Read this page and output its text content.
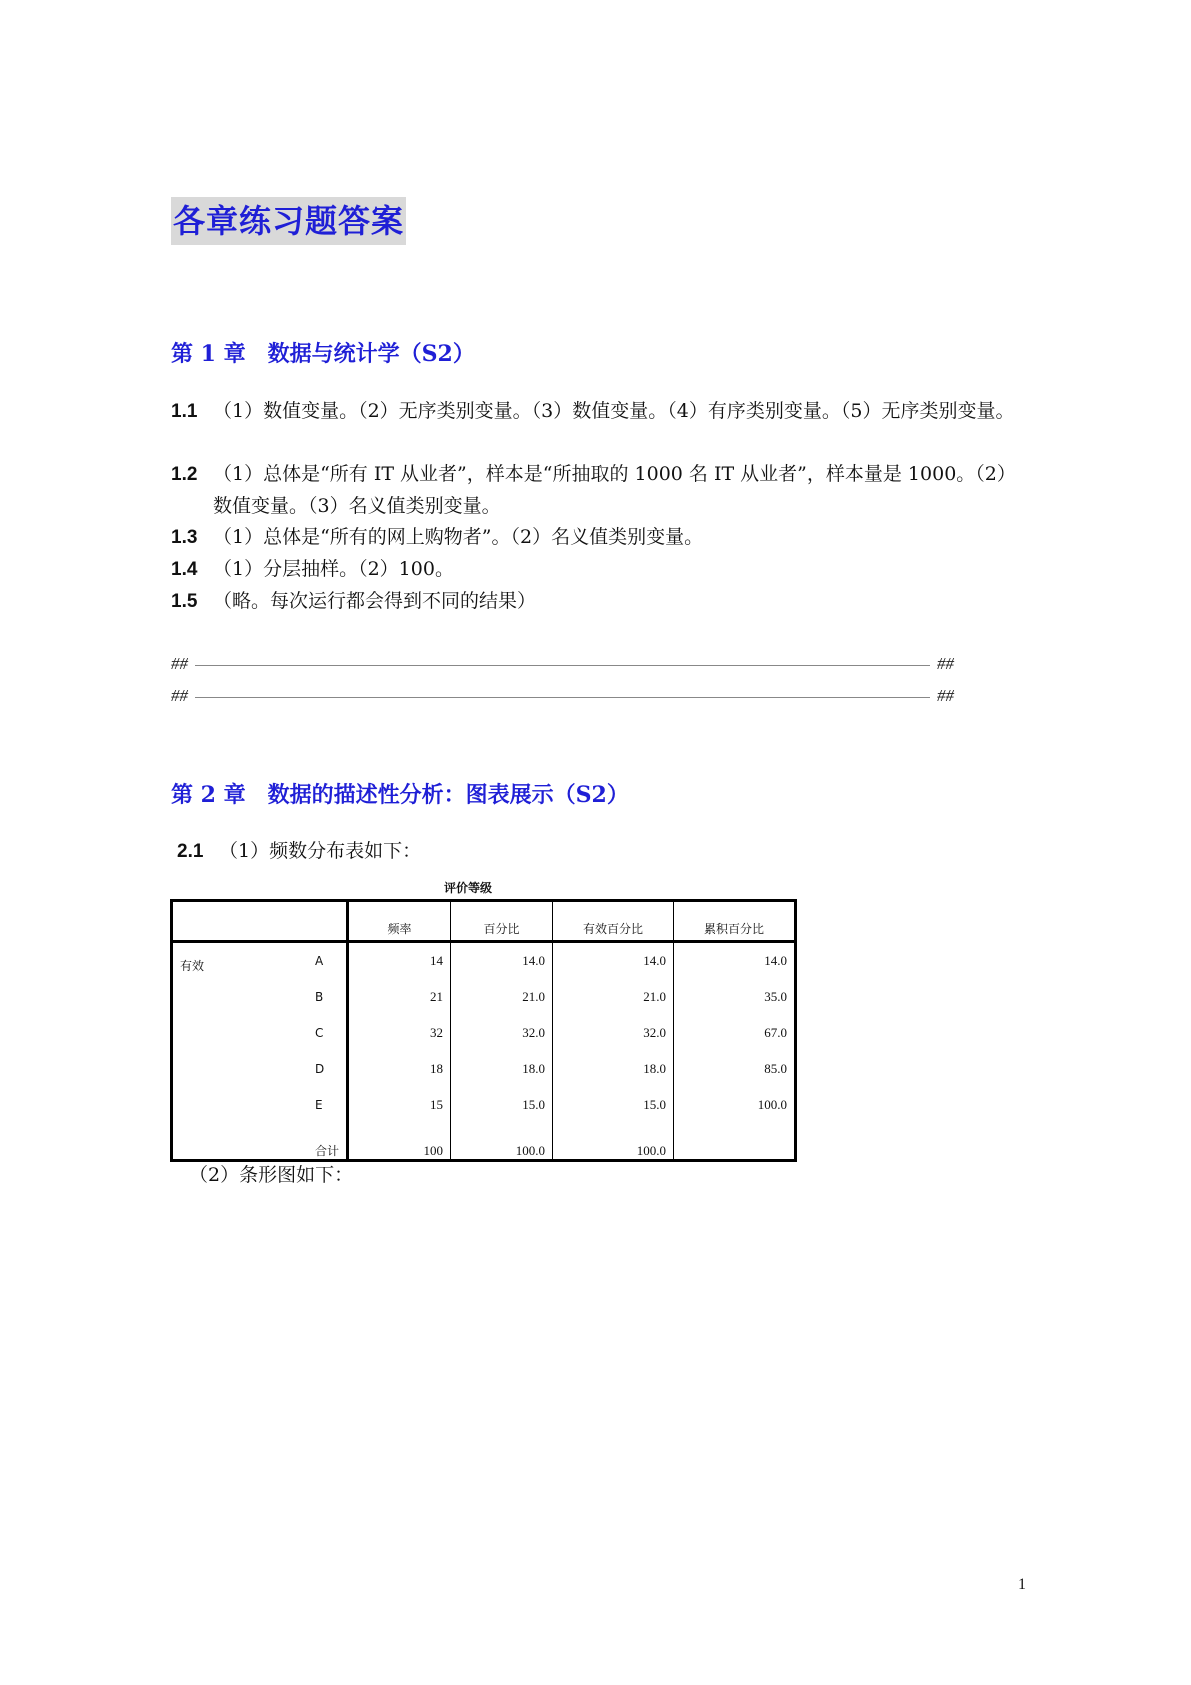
各章练习题答案
第 1 章　数据与统计学（S2）
1.1 （1）数值变量。（2）无序类别变量。（3）数值变量。（4）有序类别变量。（5）无序类别变量。
1.2 （1）总体是“所有 IT 从业者”，样本是“所抽取的 1000 名 IT 从业者”，样本量是 1000。（2）数值变量。（3）名义值类别变量。
1.3 （1）总体是“所有的网上购物者”。（2）名义值类别变量。
1.4 （1）分层抽样。（2）100。
1.5 （略。每次运行都会得到不同的结果）
##	##
##	##
第 2 章　数据的描述性分析：图表展示（S2）
2.1 （1）频数分布表如下：
评价等级
		频率	百分比	有效百分比	累积百分比
有效	A	14	14.0	14.0	14.0
	B	21	21.0	21.0	35.0
	C	32	32.0	32.0	67.0
	D	18	18.0	18.0	85.0
	E	15	15.0	15.0	100.0
	合计	100	100.0	100.0	
（2）条形图如下：
1
